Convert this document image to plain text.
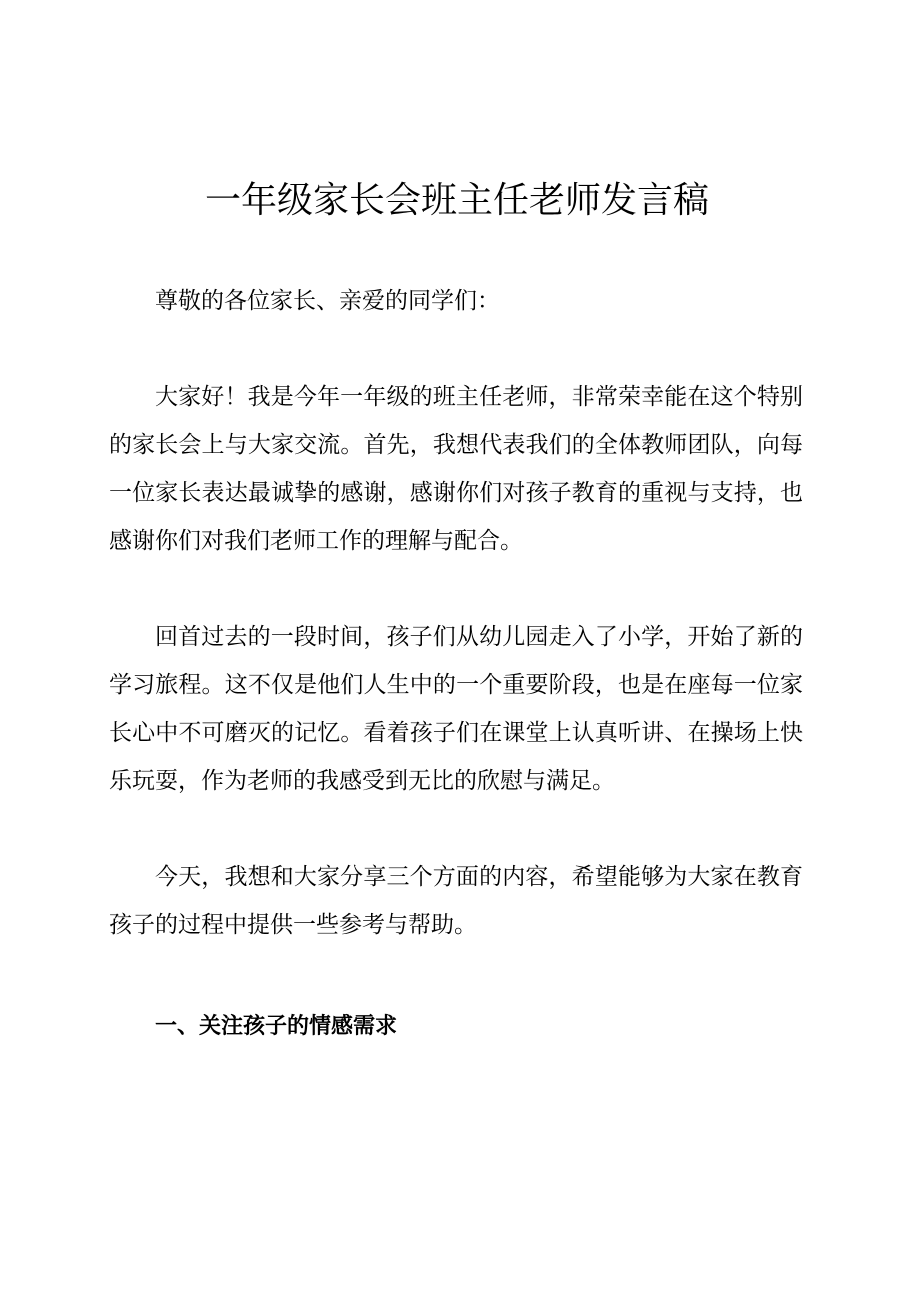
一年级家长会班主任老师发言稿

尊敬的各位家长、亲爱的同学们：

大家好！我是今年一年级的班主任老师，非常荣幸能在这个特别的家长会上与大家交流。首先，我想代表我们的全体教师团队，向每一位家长表达最诚挚的感谢，感谢你们对孩子教育的重视与支持，也感谢你们对我们老师工作的理解与配合。

回首过去的一段时间，孩子们从幼儿园走入了小学，开始了新的学习旅程。这不仅是他们人生中的一个重要阶段，也是在座每一位家长心中不可磨灭的记忆。看着孩子们在课堂上认真听讲、在操场上快乐玩耍，作为老师的我感受到无比的欣慰与满足。

今天，我想和大家分享三个方面的内容，希望能够为大家在教育孩子的过程中提供一些参考与帮助。

一、关注孩子的情感需求
